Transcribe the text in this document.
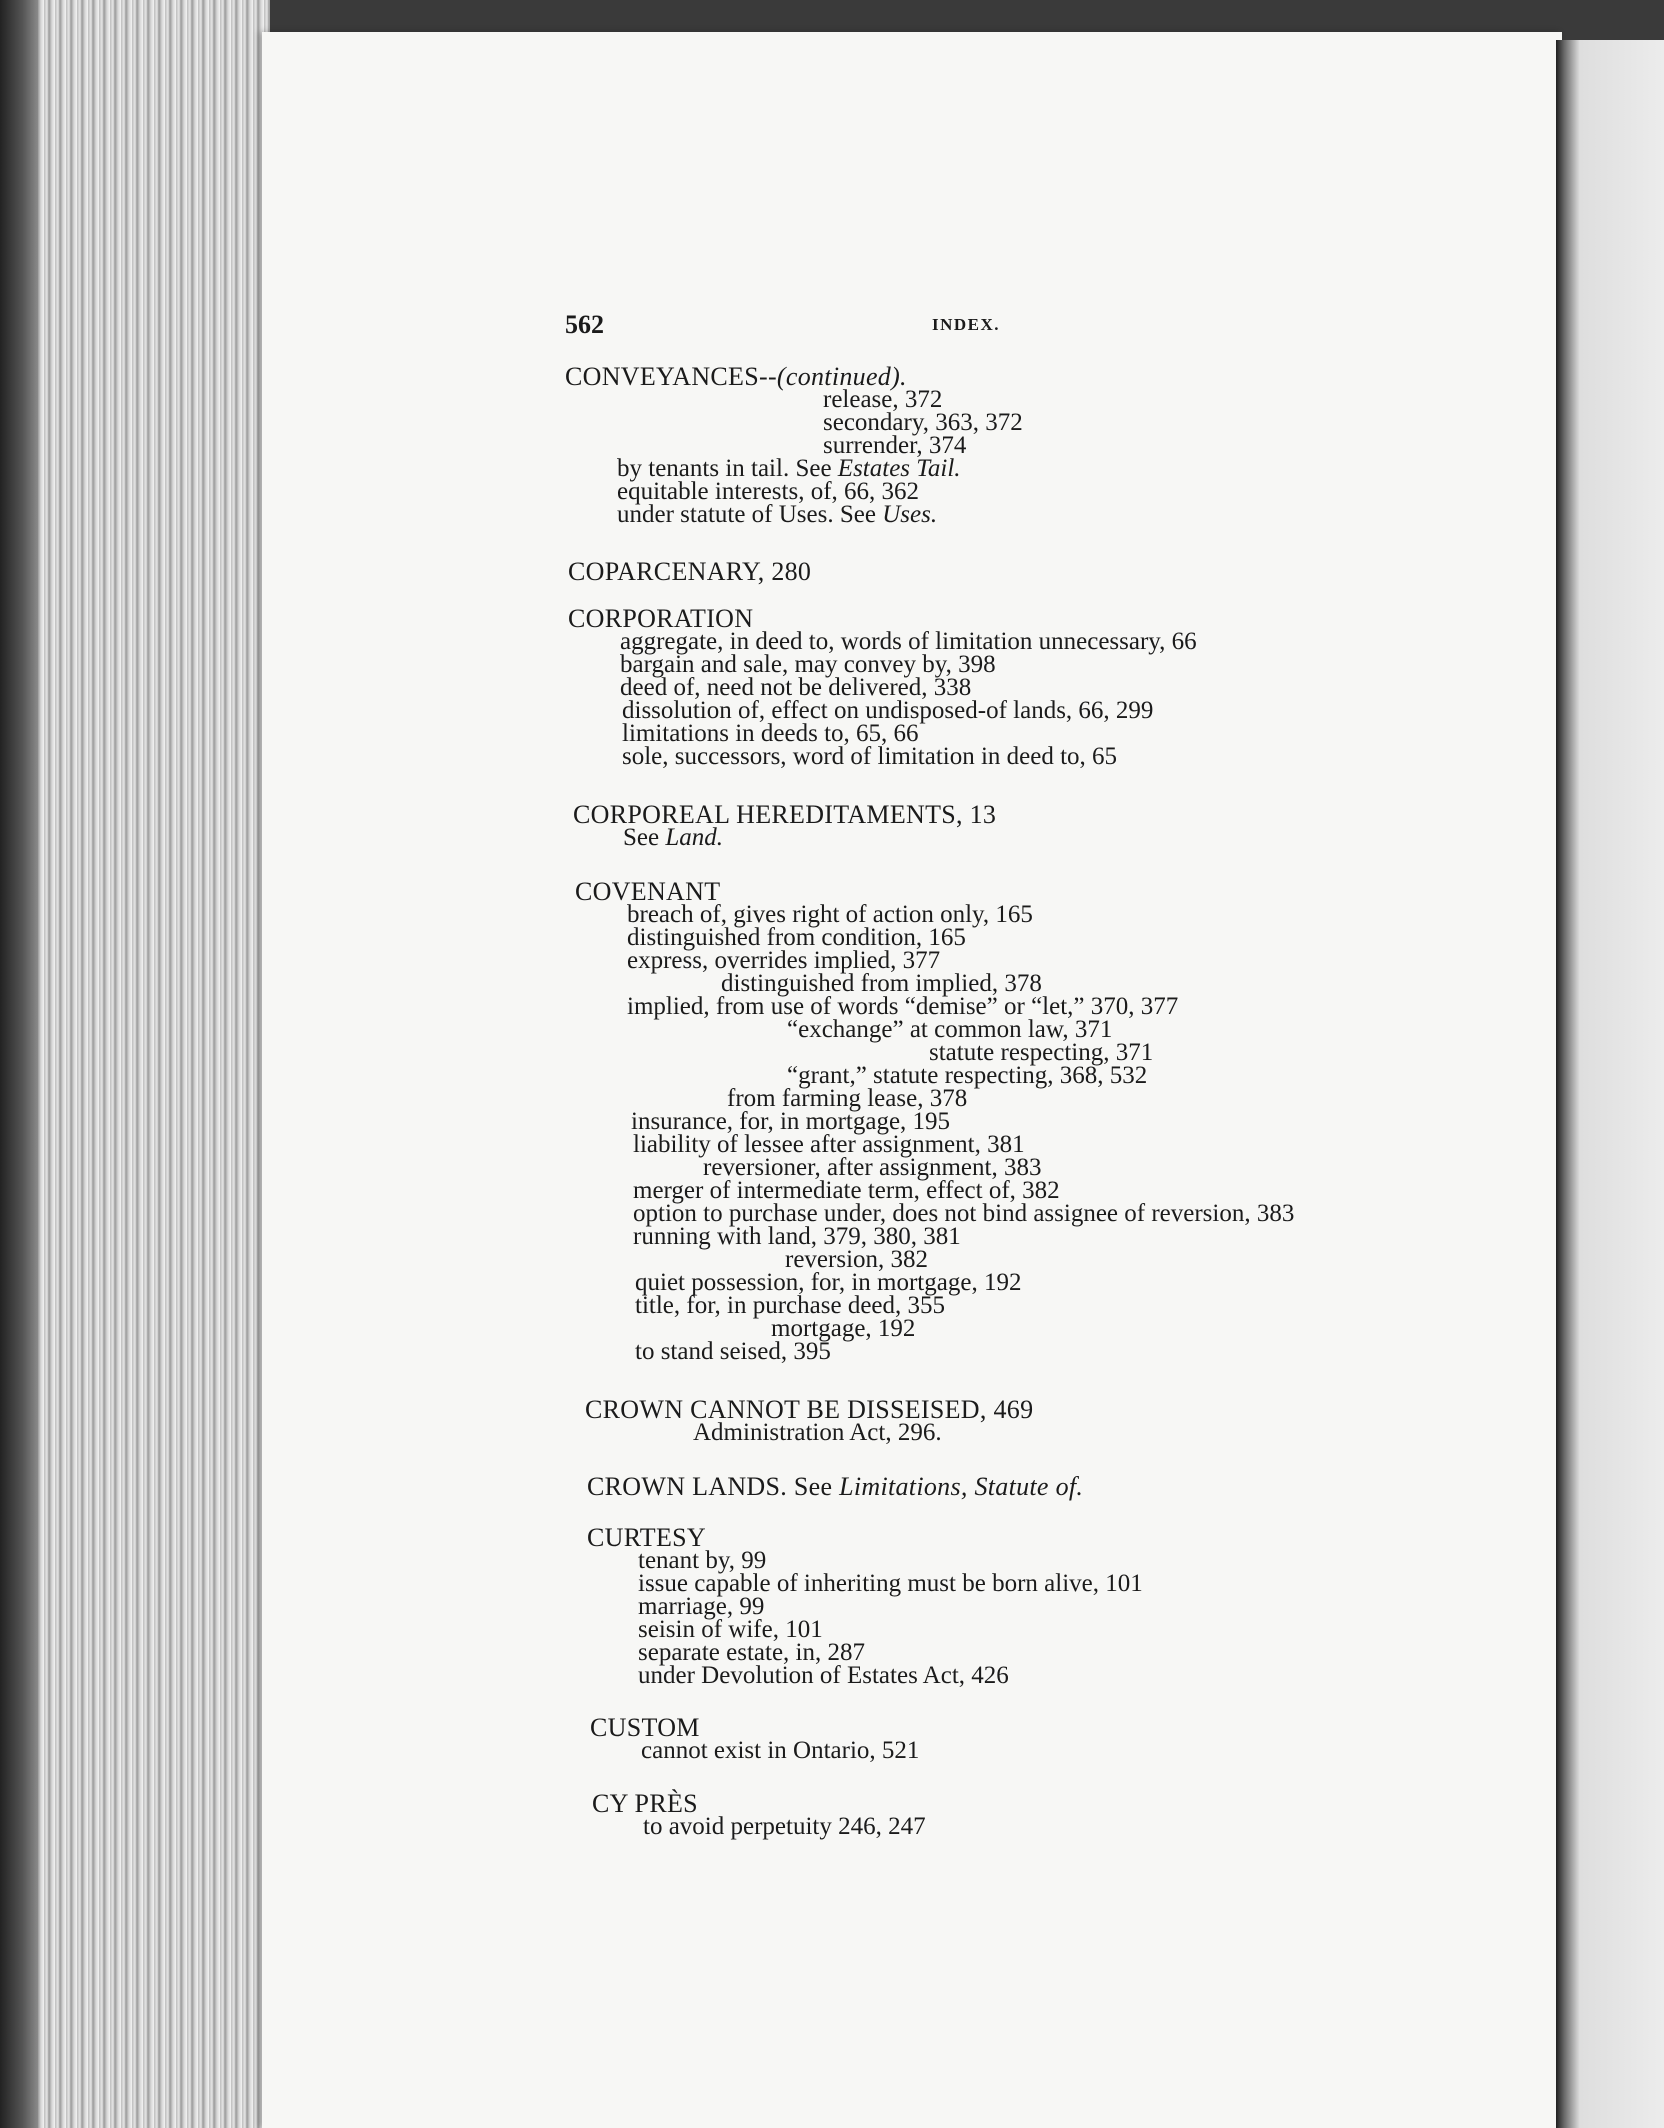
562	INDEX.
CONVEYANCES--(continued).
release, 372
secondary, 363, 372
surrender, 374
by tenants in tail. See Estates Tail.
equitable interests, of, 66, 362
under statute of Uses. See Uses.
COPARCENARY, 280
CORPORATION
aggregate, in deed to, words of limitation unnecessary, 66
bargain and sale, may convey by, 398
deed of, need not be delivered, 338
dissolution of, effect on undisposed-of lands, 66, 299
limitations in deeds to, 65, 66
sole, successors, word of limitation in deed to, 65
CORPOREAL HEREDITAMENTS, 13
See Land.
COVENANT
breach of, gives right of action only, 165
distinguished from condition, 165
express, overrides implied, 377
distinguished from implied, 378
implied, from use of words “demise” or “let,” 370, 377
“exchange” at common law, 371
statute respecting, 371
“grant,” statute respecting, 368, 532
from farming lease, 378
insurance, for, in mortgage, 195
liability of lessee after assignment, 381
reversioner, after assignment, 383
merger of intermediate term, effect of, 382
option to purchase under, does not bind assignee of reversion, 383
running with land, 379, 380, 381
reversion, 382
quiet possession, for, in mortgage, 192
title, for, in purchase deed, 355
mortgage, 192
to stand seised, 395
CROWN CANNOT BE DISSEISED, 469
Administration Act, 296.
CROWN LANDS. See Limitations, Statute of.
CURTESY
tenant by, 99
issue capable of inheriting must be born alive, 101
marriage, 99
seisin of wife, 101
separate estate, in, 287
under Devolution of Estates Act, 426
CUSTOM
cannot exist in Ontario, 521
CY PRÈS
to avoid perpetuity 246, 247
